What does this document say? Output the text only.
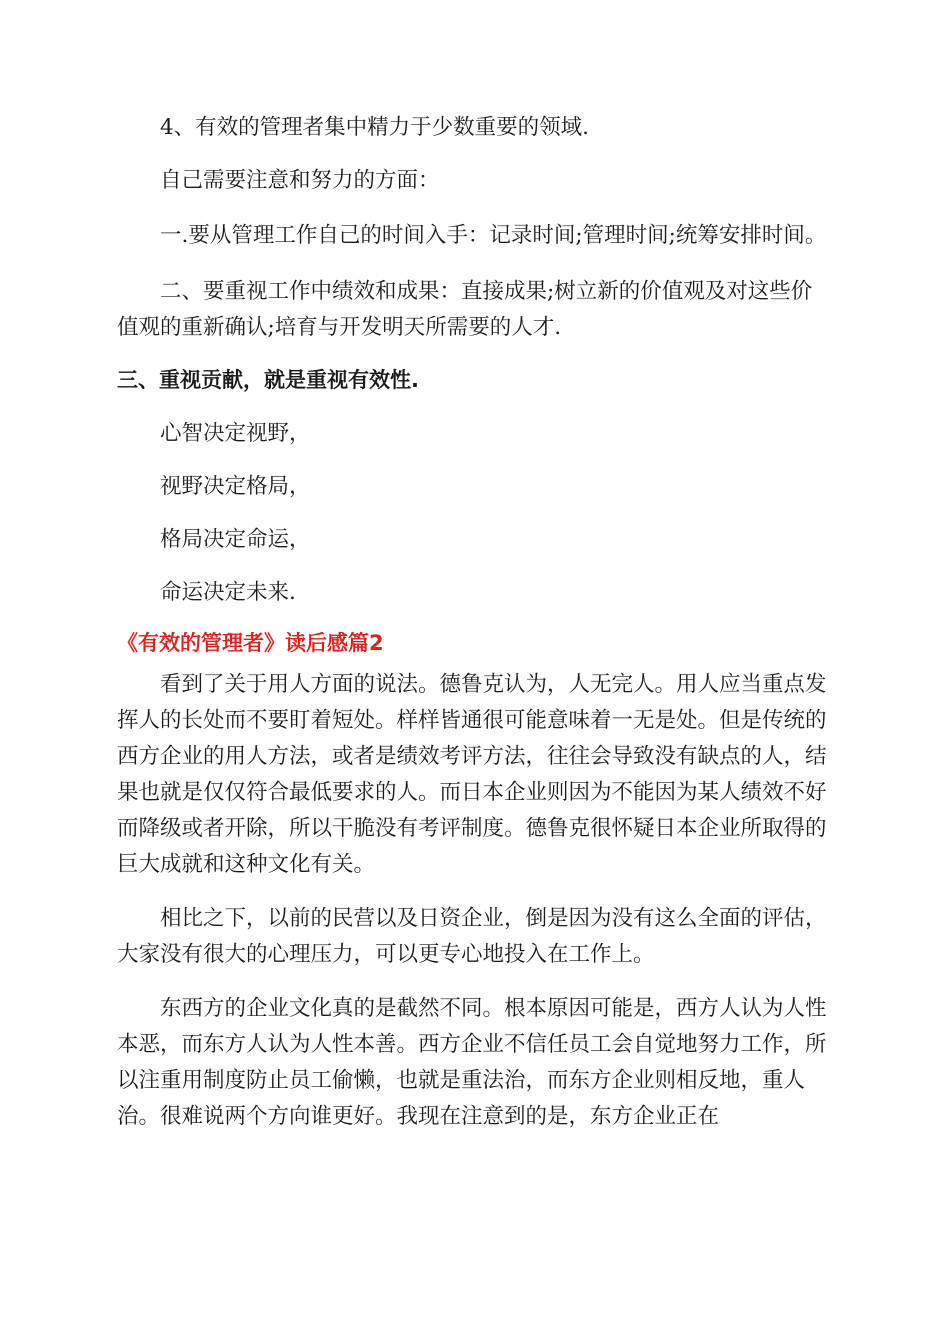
4、有效的管理者集中精力于少数重要的领域.

自己需要注意和努力的方面：

一.要从管理工作自己的时间入手：记录时间;管理时间;统筹安排时间。

二、要重视工作中绩效和成果：直接成果;树立新的价值观及对这些价值观的重新确认;培育与开发明天所需要的人才.

三、重视贡献，就是重视有效性.

心智决定视野，

视野决定格局，

格局决定命运，

命运决定未来.

《有效的管理者》读后感篇2

看到了关于用人方面的说法。德鲁克认为，人无完人。用人应当重点发挥人的长处而不要盯着短处。样样皆通很可能意味着一无是处。但是传统的西方企业的用人方法，或者是绩效考评方法，往往会导致没有缺点的人，结果也就是仅仅符合最低要求的人。而日本企业则因为不能因为某人绩效不好而降级或者开除，所以干脆没有考评制度。德鲁克很怀疑日本企业所取得的巨大成就和这种文化有关。

相比之下，以前的民营以及日资企业，倒是因为没有这么全面的评估，大家没有很大的心理压力，可以更专心地投入在工作上。

东西方的企业文化真的是截然不同。根本原因可能是，西方人认为人性本恶，而东方人认为人性本善。西方企业不信任员工会自觉地努力工作，所以注重用制度防止员工偷懒，也就是重法治，而东方企业则相反地，重人治。很难说两个方向谁更好。我现在注意到的是，东方企业正在
